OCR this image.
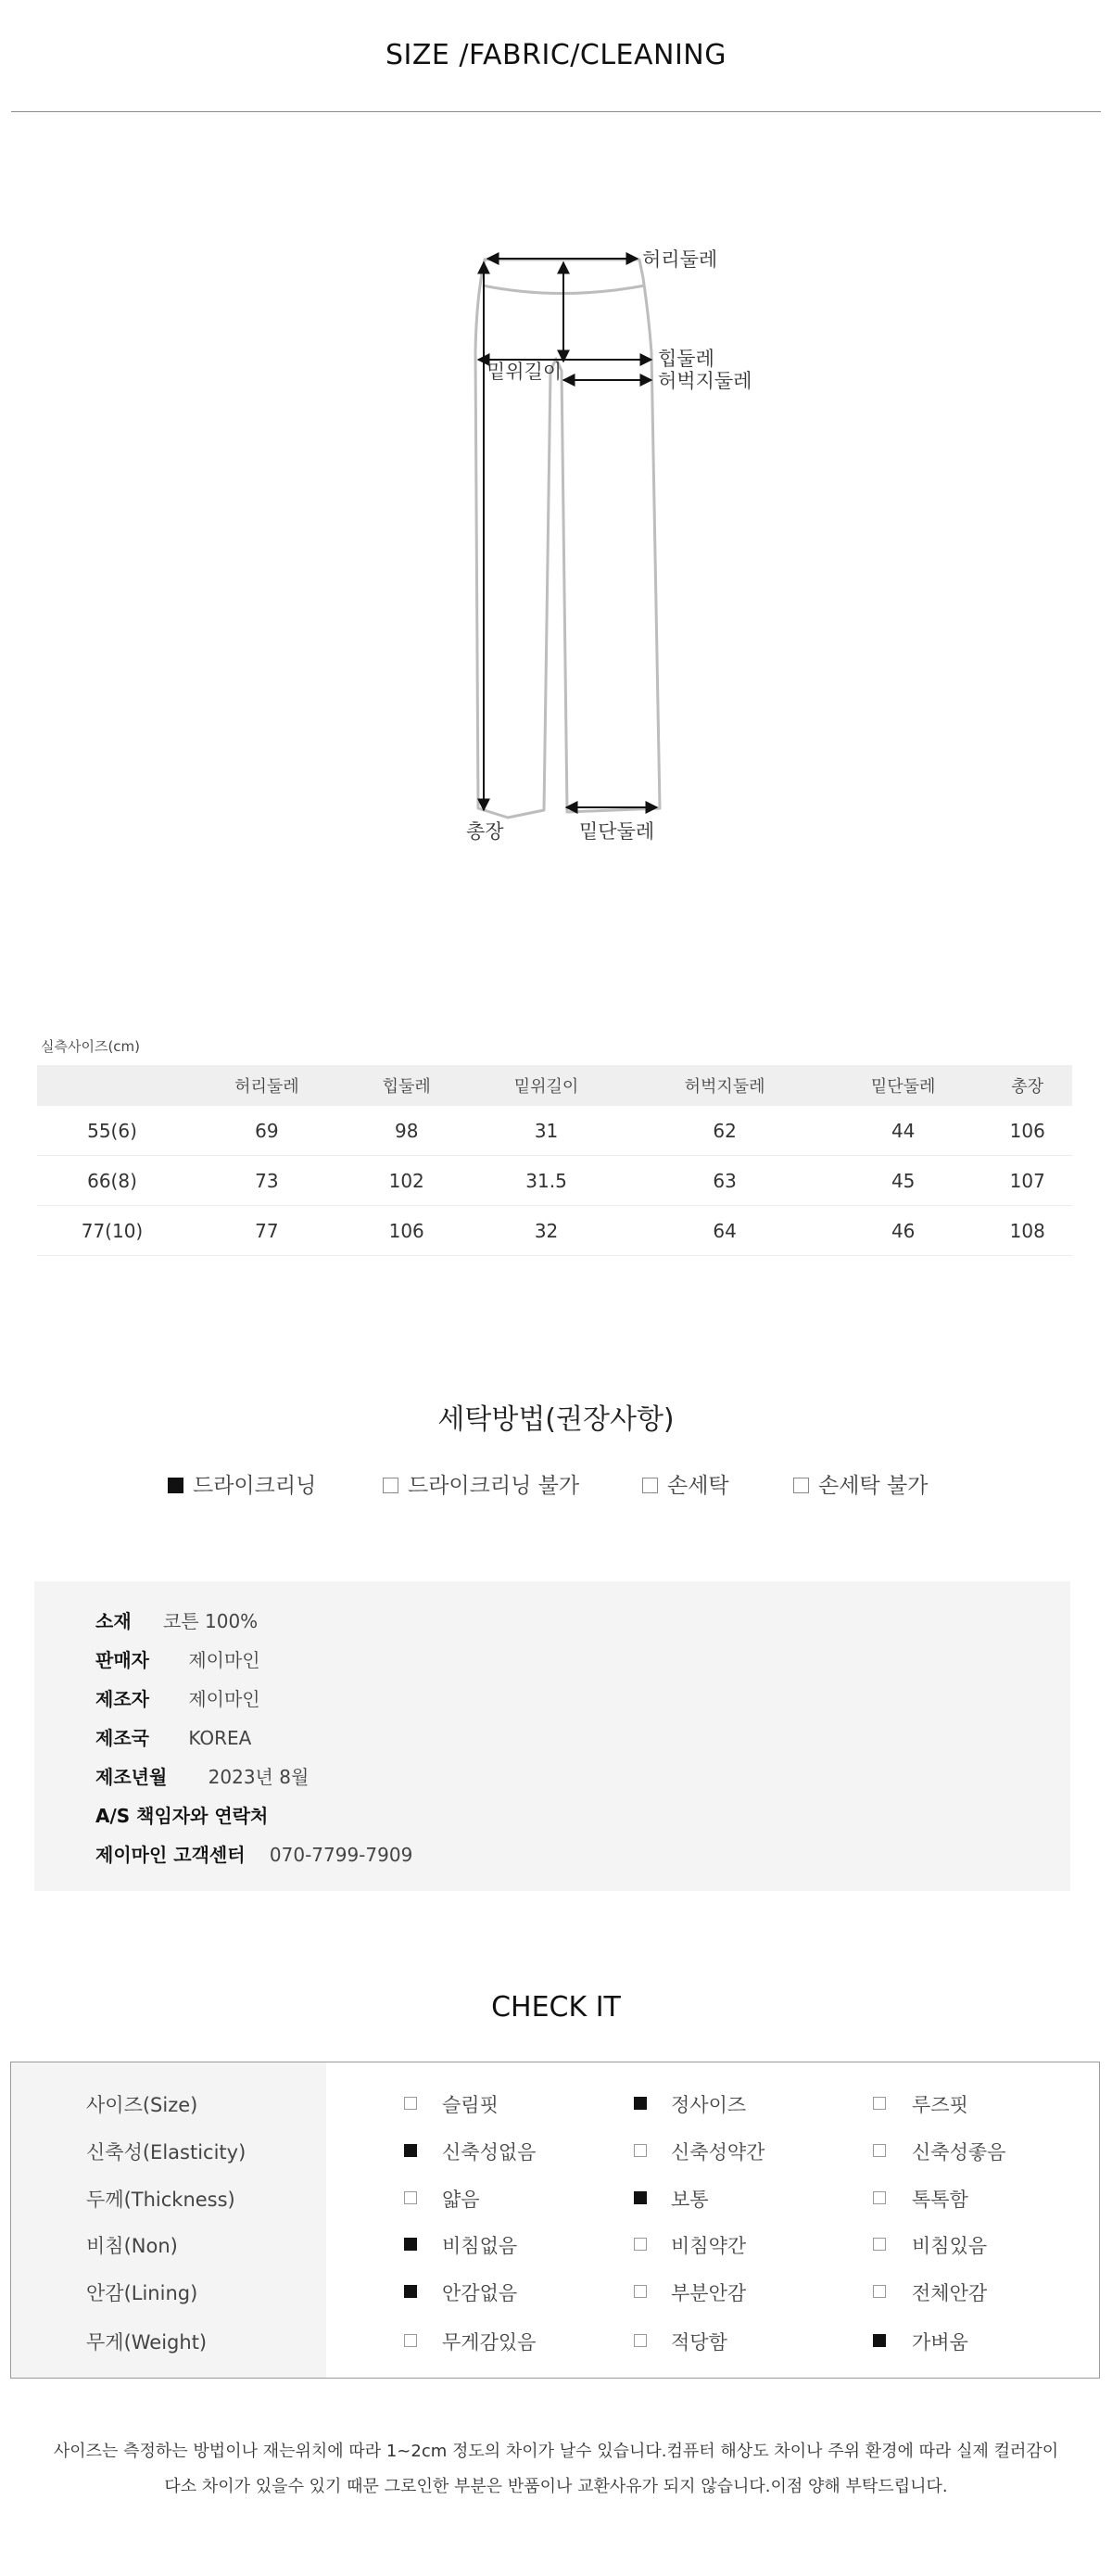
SIZE /FABRIC/CLEANING
허리둘레
힙둘레
밑위길이	허벅지둘레
총장	밑단둘레
실측사이즈(cm)
	허리둘레	힙둘레	밑위길이	허벅지둘레	밑단둘레	총장
55(6)	69	98	31	62	44	106
66(8)	73	102	31.5	63	45	107
77(10)	77	106	32	64	46	108
세탁방법(권장사항)
드라이크리닝	드라이크리닝 불가	손세탁	손세탁 불가
소재 코튼 100%
판매자 제이마인
제조자 제이마인
제조국 KOREA
제조년월 2023년 8월
A/S 책임자와 연락처
제이마인 고객센터 070-7799-7909
CHECK IT
사이즈(Size)	슬림핏	정사이즈	루즈핏
신축성(Elasticity)	신축성없음	신축성약간	신축성좋음
두께(Thickness)	얇음	보통	톡톡함
비침(Non)	비침없음	비침약간	비침있음
안감(Lining)	안감없음	부분안감	전체안감
무게(Weight)	무게감있음	적당함	가벼움
사이즈는 측정하는 방법이나 재는위치에 따라 1~2cm 정도의 차이가 날수 있습니다.컴퓨터 해상도 차이나 주위 환경에 따라 실제 컬러감이
다소 차이가 있을수 있기 때문 그로인한 부분은 반품이나 교환사유가 되지 않습니다.이점 양해 부탁드립니다.
